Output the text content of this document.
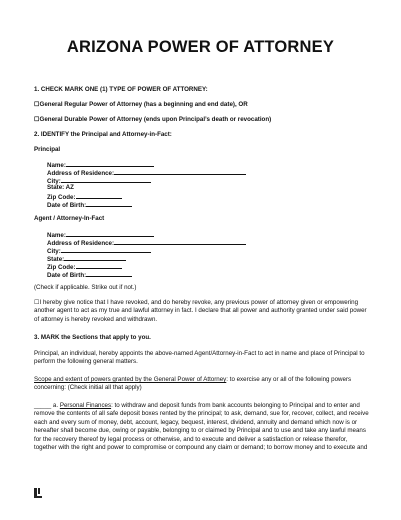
ARIZONA POWER OF ATTORNEY
1. CHECK MARK ONE (1) TYPE OF POWER OF ATTORNEY:
☐General Regular Power of Attorney (has a beginning and end date), OR
☐General Durable Power of Attorney (ends upon Principal’s death or revocation)
2. IDENTIFY the Principal and Attorney-in-Fact:
Principal
Name:
Address of Residence:
City:
State: AZ
Zip Code:
Date of Birth:
Agent / Attorney-In-Fact
Name:
Address of Residence:
City:
State:
Zip Code:
Date of Birth:
(Check if applicable. Strike out if not.)
☐I hereby give notice that I have revoked, and do hereby revoke, any previous power of attorney given or empowering another agent to act as my true and lawful attorney in fact. I declare that all power and authority granted under said power of attorney is hereby revoked and withdrawn.
3. MARK the Sections that apply to you.
Principal, an individual, hereby appoints the above-named Agent/Attorney-in-Fact to act in name and place of Principal to perform the following general matters.
Scope and extent of powers granted by the General Power of Attorney: to exercise any or all of the following powers concerning: (Check initial all that apply)
_____ a. Personal Finances: to withdraw and deposit funds from bank accounts belonging to Principal and to enter and remove the contents of all safe deposit boxes rented by the principal; to ask, demand, sue for, recover, collect, and receive each and every sum of money, debt, account, legacy, bequest, interest, dividend, annuity and demand which now is or hereafter shall become due, owing or payable, belonging to or claimed by Principal and to use and take any lawful means for the recovery thereof by legal process or otherwise, and to execute and deliver a satisfaction or release therefor, together with the right and power to compromise or compound any claim or demand; to borrow money and to execute and
